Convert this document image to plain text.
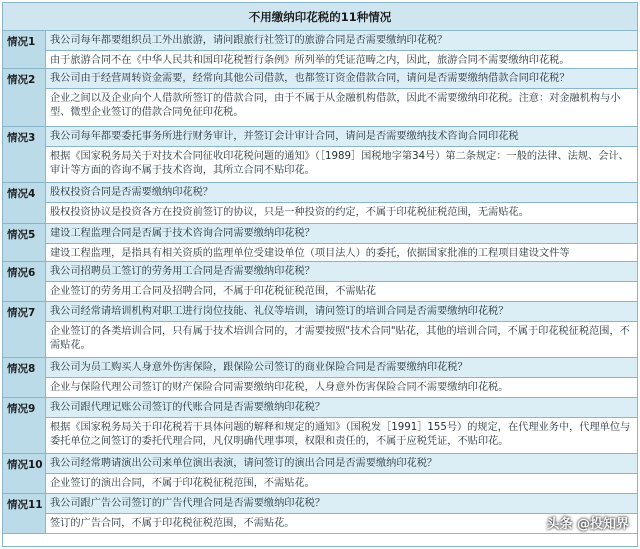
不用缴纳印花税的11种情况
情况1	我公司每年都要组织员工外出旅游，请问跟旅行社签订的旅游合同是否需要缴纳印花税？
由于旅游合同不在《中华人民共和国印花税暂行条例》所列举的凭证范畴之内，因此，旅游合同不需要缴纳印花税。
情况2	我公司由于经营周转资金需要，经常向其他公司借款，也都签订资金借款合同，请问是否需要缴纳借款合同印花税？
企业之间以及企业向个人借款所签订的借款合同，由于不属于从金融机构借款，因此不需要缴纳印花税。注意：对金融机构与小型、微型企业签订的借款合同免征印花税。
情况3	我公司每年都要委托事务所进行财务审计，并签订会计审计合同，请问是否需要缴纳技术咨询合同印花税
根据《国家税务局关于对技术合同征收印花税问题的通知》（［1989］国税地字第34号）第二条规定：一般的法律、法规、会计、审计等方面的咨询不属于技术咨询，其所立合同不贴印花。
情况4	股权投资合同是否需要缴纳印花税？
股权投资协议是投资各方在投资前签订的协议，只是一种投资的约定，不属于印花税征税范围，无需贴花。
情况5	建设工程监理合同是否属于技术咨询合同需要缴纳印花税？
建设工程监理，是指具有相关资质的监理单位受建设单位（项目法人）的委托，依据国家批准的工程项目建设文件等
情况6	我公司招聘员工签订的劳务用工合同是否需要缴纳印花税？
企业签订的劳务用工合同及招聘合同，不属于印花税征税范围，不需贴花
情况7	我公司经常请培训机构对职工进行岗位技能、礼仪等培训，请问签订的培训合同是否需要缴纳印花税？
企业签订的各类培训合同，只有属于技术培训合同的，才需要按照"技术合同"贴花，其他的培训合同，不属于印花税征税范围，不需贴花。
情况8	我公司为员工购买人身意外伤害保险，跟保险公司签订的商业保险合同是否需要缴纳印花税？
企业与保险代理公司签订的财产保险合同需要缴纳印花税，人身意外伤害保险合同不需要缴纳印花税。
情况9	我公司跟代理记账公司签订的代账合同是否需要缴纳印花税？
根据《国家税务局关于印花税若干具体问题的解释和规定的通知》（国税发［1991］155号）的规定，在代理业务中，代理单位与委托单位之间签订的委托代理合同，凡仅明确代理事项，权限和责任的，不属于应税凭证，不贴印花。
情况10 我公司经常聘请演出公司来单位演出表演，请问签订的演出合同是否需要缴纳印花税？
企业签订的演出合同，不属于印花税征税范围，不需贴花。
情况11 我公司跟广告公司签订的广告代理合同是否需要缴纳印花税？
签订的广告合同，不属于印花税征税范围，不需贴花。	头条 @投知界
